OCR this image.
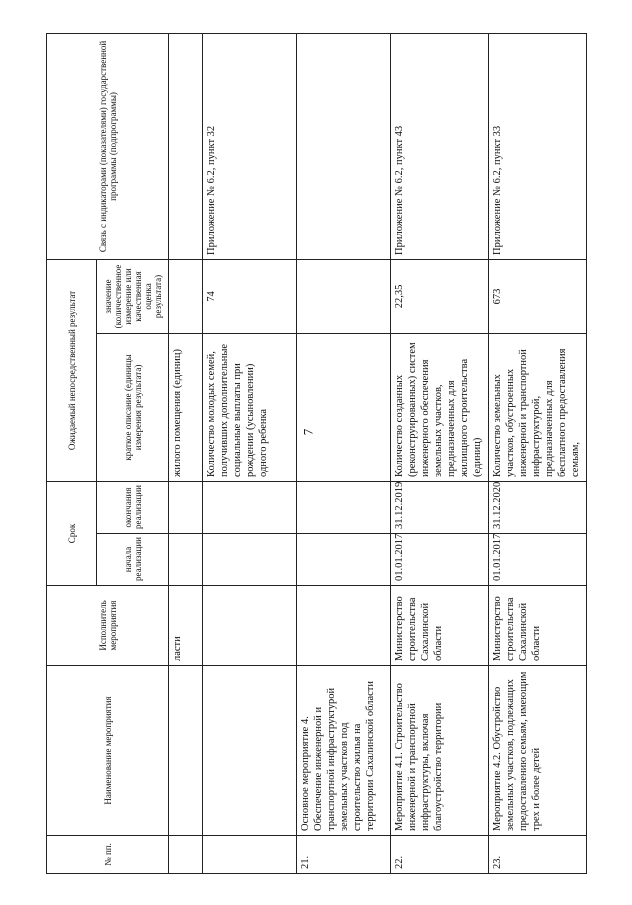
7
№ пп.	Наименование мероприятия	Исполнитель мероприятия	Срок		Ожидаемый непосредственный результат		Связь с индикаторами (показателями) государственной программы (подпрограммы)
			начала реализации	окончания реализации	краткое описание (единицы измерения результата)	значение (количественное измерение или качественная оценка результата)	
		ласти			жилого помещения (единиц)		
					Количество молодых семей, получивших дополнительные социальные выплаты при рождении (усыновлении) одного ребенка	74	Приложение № 6.2, пункт 32
21.	Основное мероприятие 4. Обеспечение инженерной и транспортной инфраструктурой земельных участков под строительство жилья на территории Сахалинской области						
22.	Мероприятие 4.1. Строительство инженерной и транспортной инфраструктуры, включая благоустройство территории	Министерство строительства Сахалинской области	01.01.2017	31.12.2019	Количество созданных (реконструированных) систем инженерного обеспечения земельных участков, предназначенных для жилищного строительства (единиц)	22,35	Приложение № 6.2, пункт 43
23.	Мероприятие 4.2. Обустройство земельных участков, подлежащих предоставлению семьям, имеющим трех и более детей	Министерство строительства Сахалинской области	01.01.2017	31.12.2020	Количество земельных участков, обустроенных инженерной и транспортной инфраструктурой, предназначенных для бесплатного предоставления семьям,	673	Приложение № 6.2, пункт 33
